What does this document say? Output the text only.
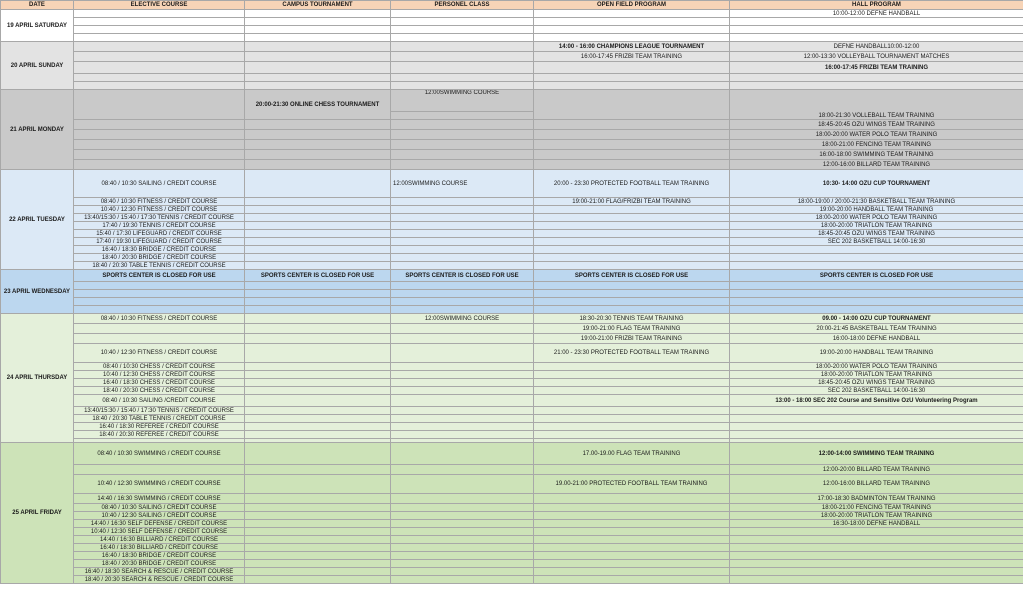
DATE	ELECTIVE COURSE	CAMPUS TOURNAMENT	PERSONEL CLASS	OPEN FIELD PROGRAM	HALL PROGRAM
19 APRIL SATURDAY					10:00-12:00 DEFNE HANDBALL

20 APRIL SUNDAY				14:00 - 16:00 CHAMPIONS LEAGUE TOURNAMENT	DEFNE HANDBALL10:00-12:00
				16:00-17:45 FRIZBI TEAM TRAINING	12:00-13:30 VOLLEYBALL TOURNAMENT MATCHES
					16:00-17:45 FRIZBI TEAM TRAINING

21 APRIL MONDAY		20:00-21:30 ONLINE CHESS TOURNAMENT	12:00SWIMMING COURSE		18:00-21:30 VOLLEBALL TEAM TRAINING

					18:45-20:45 OZU WINGS TEAM TRAINING
					18:00-20:00 WATER POLO TEAM TRAINING
					18:00-21:00 FENCING TEAM TRAINING
					16:00-18:00 SWIMMING TEAM TRAINING
					12:00-16:00 BILLARD TEAM TRAINING
22 APRIL TUESDAY	08:40 / 10:30 SAILING / CREDIT COURSE		12:00SWIMMING COURSE	20:00 - 23:30 PROTECTED FOOTBALL TEAM TRAINING	10:30- 14:00 OZU CUP TOURNAMENT
	08:40 / 10:30 FITNESS / CREDIT COURSE			19:00-21:00 FLAG/FRIZBI TEAM TRAINING	18:00-19:00 / 20:00-21:30 BASKETBALL TEAM TRAINING
	10:40 / 12:30 FITNESS / CREDIT COURSE				19:00-20:00 HANDBALL TEAM TRAINING
	13:40/15:30 / 15:40 / 17:30 TENNIS / CREDIT COURSE				18:00-20:00 WATER POLO TEAM TRAINING
	17:40 / 19:30 TENNIS / CREDIT COURSE				18:00-20:00 TRIATLON TEAM TRAINING
	15:40 / 17:30 LIFEGUARD / CREDIT COURSE				18:45-20:45 OZU WINGS TEAM TRAINING
	17:40 / 19:30 LIFEGUARD / CREDIT COURSE				SEC 202 BASKETBALL 14:00-16:30
	16:40 / 18:30 BRIDGE / CREDIT COURSE				
	18:40 / 20:30 BRIDGE / CREDIT COURSE				
	18:40 / 20:30 TABLE TENNIS / CREDIT COURSE				
23 APRIL WEDNESDAY	SPORTS CENTER IS CLOSED FOR USE	SPORTS CENTER IS CLOSED FOR USE	SPORTS CENTER IS CLOSED FOR USE	SPORTS CENTER IS CLOSED FOR USE	SPORTS CENTER IS CLOSED FOR USE

24 APRIL THURSDAY	08:40 / 10:30 FITNESS / CREDIT COURSE		12:00SWIMMING COURSE	18:30-20:30 TENNIS TEAM TRAINING	09.00 - 14:00 OZU CUP TOURNAMENT
				19:00-21:00 FLAG TEAM TRAINING	20:00-21:45 BASKETBALL TEAM TRAINING
				19:00-21:00 FRIZBI TEAM TRAINING	16:00-18:00 DEFNE HANDBALL
	10:40 / 12:30 FITNESS / CREDIT COURSE			21:00 - 23:30 PROTECTED FOOTBALL TEAM TRAINING	19:00-20:00 HANDBALL TEAM TRAINING
	08:40 / 10:30 CHESS / CREDIT COURSE				18:00-20:00 WATER POLO TEAM TRAINING
	10:40 / 12:30 CHESS / CREDIT COURSE				18:00-20:00 TRIATLON TEAM TRAINING
	16:40 / 18:30 CHESS / CREDIT COURSE				18:45-20:45 OZU WINGS TEAM TRAINING
	18:40 / 20:30 CHESS / CREDIT COURSE				SEC 202 BASKETBALL 14:00-16:30
	08:40 / 10:30 SAILING /CREDIT COURSE				13:00 - 18:00 SEC 202 Course and Sensitive OzU Volunteering Program
	13:40/15:30 / 15:40 / 17:30 TENNIS / CREDIT COURSE				
	18:40 / 20:30 TABLE TENNIS / CREDIT COURSE				
	16:40 / 18:30 REFEREE / CREDIT COURSE				
	18:40 / 20:30 REFEREE / CREDIT COURSE				

25 APRIL FRIDAY	08:40 / 10:30 SWIMMING / CREDIT COURSE			17.00-19.00 FLAG TEAM TRAINING	12:00-14:00 SWIMMING TEAM TRAINING
					12:00-20:00 BILLARD TEAM TRAINING
	10:40 / 12:30 SWIMMING / CREDIT COURSE			19.00-21:00 PROTECTED FOOTBALL TEAM TRAINING	12:00-16:00 BILLARD TEAM TRAINING
	14:40 / 16:30 SWIMMING / CREDIT COURSE				17:00-18:30 BADMINTON TEAM TRAINING
	08:40 / 10:30 SAILING / CREDIT COURSE				18:00-21:00 FENCING TEAM TRAINING
	10:40 / 12:30 SAILING / CREDIT COURSE				18:00-20:00 TRIATLON TEAM TRAINING
	14:40 / 16:30 SELF DEFENSE / CREDIT COURSE				16:30-18:00 DEFNE HANDBALL
	10:40 / 12:30 SELF DEFENSE / CREDIT COURSE				
	14:40 / 16:30 BILLIARD / CREDIT COURSE				
	16:40 / 18:30 BILLIARD / CREDIT COURSE				
	16:40 / 18:30 BRIDGE / CREDIT COURSE				
	18:40 / 20:30 BRIDGE / CREDIT COURSE				
	16:40 / 18:30 SEARCH & RESCUE / CREDIT COURSE				
	18:40 / 20:30 SEARCH & RESCUE / CREDIT COURSE				
